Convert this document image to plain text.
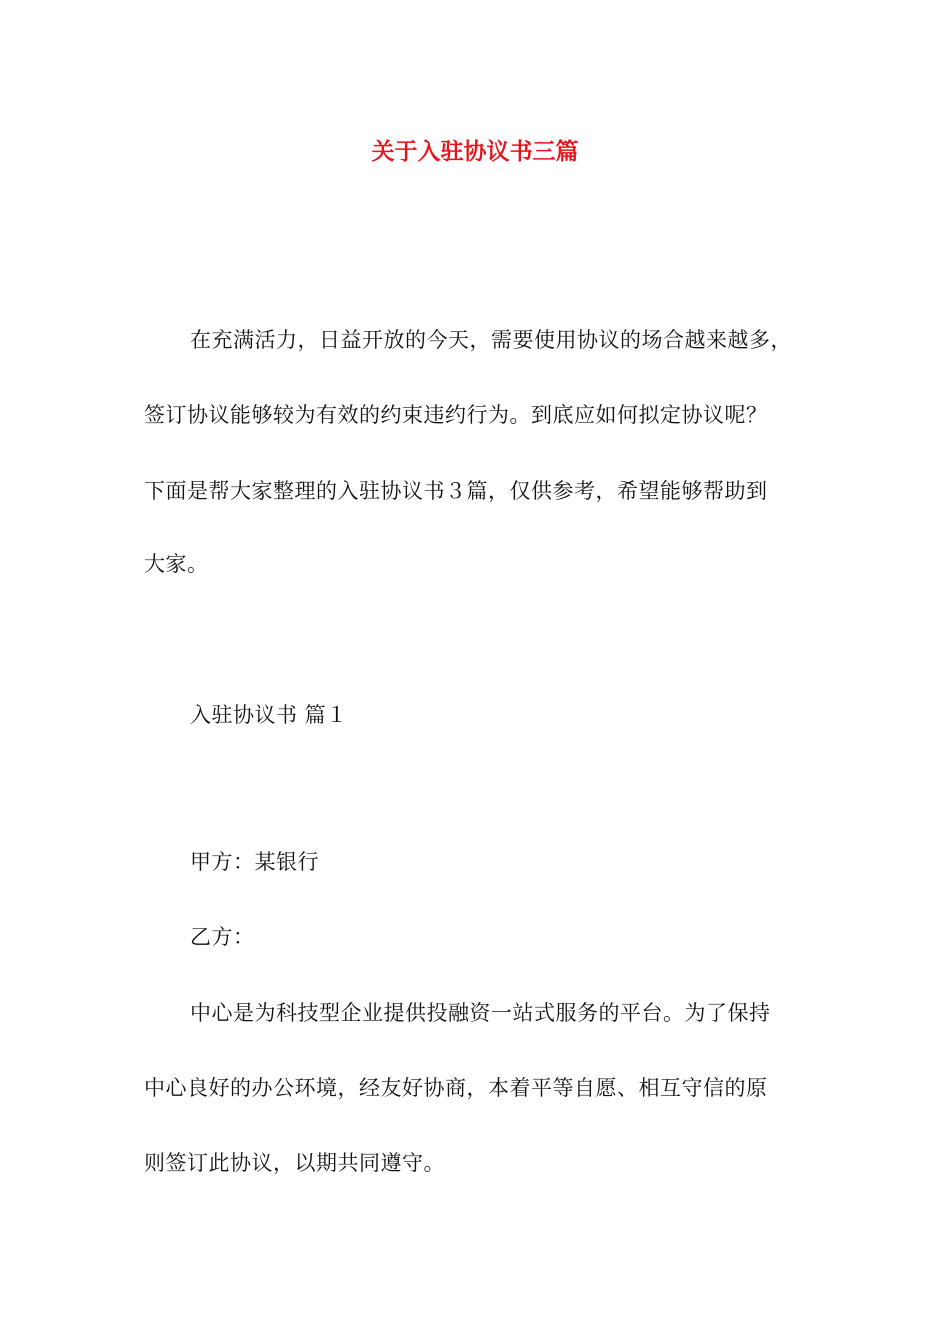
关于入驻协议书三篇
在充满活力，日益开放的今天，需要使用协议的场合越来越多，
签订协议能够较为有效的约束违约行为。到底应如何拟定协议呢？
下面是帮大家整理的入驻协议书３篇，仅供参考，希望能够帮助到
大家。
入驻协议书 篇１
甲方：某银行
乙方：
中心是为科技型企业提供投融资一站式服务的平台。为了保持
中心良好的办公环境，经友好协商，本着平等自愿、相互守信的原
则签订此协议，以期共同遵守。
